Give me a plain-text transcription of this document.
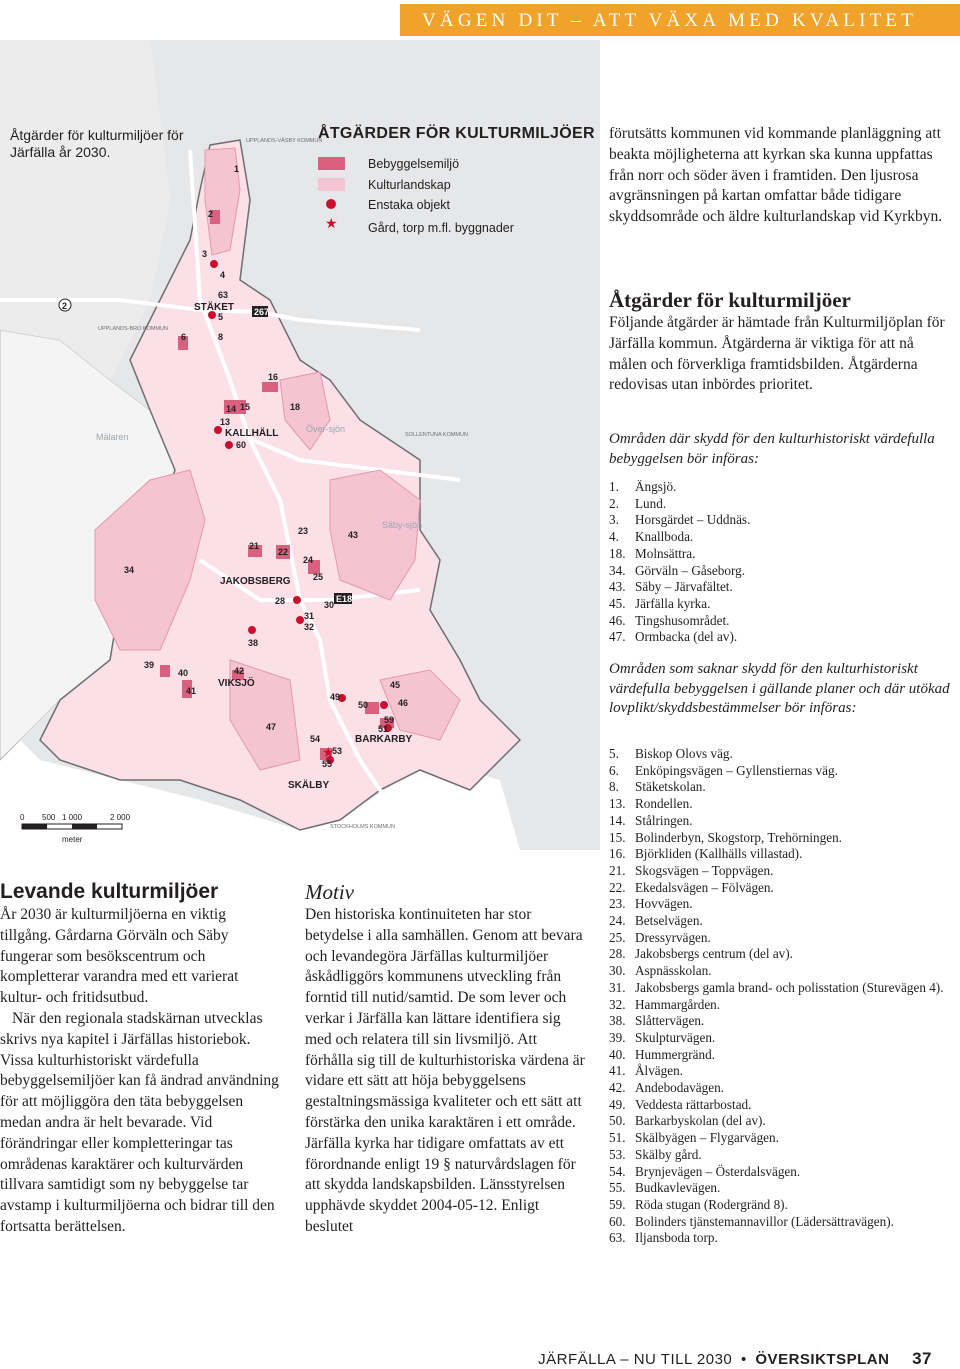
VÄGEN DIT – ATT VÄXA MED KVALITET
★
267
E18
2	STÄKET
KALLHÄLL
JAKOBSBERG
VIKSJÖ
BARKARBY
SKÄLBY
UPPLANDS-VÄSBY KOMMUN
UPPLANDS-BRO KOMMUN
SOLLENTUNA KOMMUN
STOCKHOLMS KOMMUN
Mälaren
Över-sjön
Säby-sjön
1
2
3
4
63
5
6	8
16
14 15	18
13
60
21
22
23
24
25
28
31
32
30
34
38
43
39
40
41
42
47
49
50
45
46
59
51
54
53
55
0 500 1 000	2 000
meter
Åtgärder för kulturmiljöer för Järfälla år 2030.
ÅTGÄRDER FÖR KULTURMILJÖER
Bebyggelsemiljö
Kulturlandskap
Enstaka objekt
★ Gård, torp m.fl. byggnader
förutsätts kommunen vid kommande planläggning att beakta möjligheterna att kyrkan ska kunna uppfattas från norr och söder även i framtiden. Den ljusrosa avgränsningen på kartan omfattar både tidigare skyddsområde och äldre kulturlandskap vid Kyrkbyn.
Åtgärder för kulturmiljöer
Följande åtgärder är hämtade från Kulturmiljöplan för Järfälla kommun. Åtgärderna är viktiga för att nå målen och förverkliga framtidsbilden. Åtgärderna redovisas utan inbördes prioritet.
Områden där skydd för den kulturhistoriskt värdefulla bebyggelsen bör införas:
1. Ängsjö.
2. Lund.
3. Horsgärdet – Uddnäs.
4. Knallboda.
18. Molnsättra.
34. Görväln – Gåseborg.
43. Säby – Järvafältet.
45. Järfälla kyrka.
46. Tingshusområdet.
47. Ormbacka (del av).
Områden som saknar skydd för den kulturhistoriskt värdefulla bebyggelsen i gällande planer och där utökad lovplikt/skyddsbestämmelser bör införas:
5. Biskop Olovs väg.
6. Enköpingsvägen – Gyllenstiernas väg.
8. Stäketskolan.
13. Rondellen.
14. Stålringen.
15. Bolinderbyn, Skogstorp, Trehörningen.
16. Björkliden (Kallhälls villastad).
21. Skogsvägen – Toppvägen.
22. Ekedalsvägen – Fölvägen.
23. Hovvägen.
24. Betselvägen.
25. Dressyrvägen.
28. Jakobsbergs centrum (del av).
30. Aspnässkolan.
31. Jakobsbergs gamla brand- och polisstation (Sturevägen 4).
32. Hammargården.
38. Slåttervägen.
39. Skulpturvägen.
40. Hummergränd.
41. Ålvägen.
42. Andebodavägen.
49. Veddesta rättarbostad.
50. Barkarbyskolan (del av).
51. Skälbyägen – Flygarvägen.
53. Skälby gård.
54. Brynjevägen – Österdalsvägen.
55. Budkavlevägen.
59. Röda stugan (Rodergränd 8).
60. Bolinders tjänstemannavillor (Lädersättravägen).
63. Iljansboda torp.
Levande kulturmiljöer

År 2030 är kulturmiljöerna en viktig tillgång. Gårdarna Görväln och Säby fungerar som besökscentrum och kompletterar varandra med ett varierat kultur- och fritidsutbud.

När den regionala stadskärnan utvecklas skrivs nya kapitel i Järfällas historiebok. Vissa kulturhistoriskt värdefulla bebyggelsemiljöer kan få ändrad användning för att möjliggöra den täta bebyggelsen medan andra är helt bevarade. Vid förändringar eller kompletteringar tas områdenas karaktärer och kulturvärden tillvara samtidigt som ny bebyggelse tar avstamp i kulturmiljöerna och bidrar till den fortsatta berättelsen.

Motiv

Den historiska kontinuiteten har stor betydelse i alla samhällen. Genom att bevara och levandegöra Järfällas kulturmiljöer åskådliggörs kommunens utveckling från forntid till nutid/samtid. De som lever och verkar i Järfälla kan lättare identifiera sig med och relatera till sin livsmiljö. Att förhålla sig till de kulturhistoriska värdena är vidare ett sätt att höja bebyggelsens gestaltningsmässiga kvaliteter och ett sätt att förstärka den unika karaktären i ett område. Järfälla kyrka har tidigare omfattats av ett förordnande enligt 19 § naturvårdslagen för att skydda landskapsbilden. Länsstyrelsen upphävde skyddet 2004-05-12. Enligt beslutet

JÄRFÄLLA – NU TILL 2030 • ÖVERSIKTSPLAN 37
